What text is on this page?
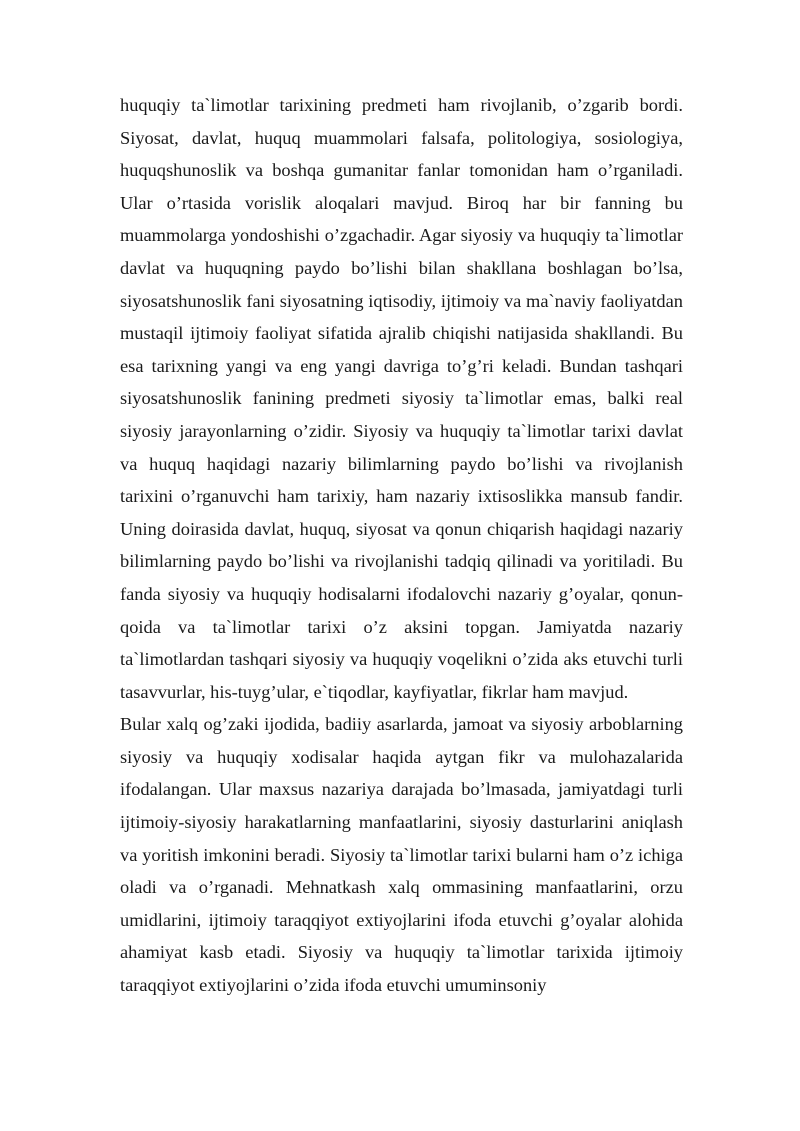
huquqiy ta`limotlar tarixining predmeti ham rivojlanib, o’zgarib bordi. Siyosat, davlat, huquq muammolari falsafa, politologiya, sosiologiya, huquqshunoslik va boshqa gumanitar fanlar tomonidan ham o’rganiladi. Ular o’rtasida vorislik aloqalari mavjud. Biroq har bir fanning bu muammolarga yondoshishi o’zgachadir. Agar siyosiy va huquqiy ta`limotlar davlat va huquqning paydo bo’lishi bilan shakllana boshlagan bo’lsa, siyosatshunoslik fani siyosatning iqtisodiy, ijtimoiy va ma`naviy faoliyatdan mustaqil ijtimoiy faoliyat sifatida ajralib chiqishi natijasida shakllandi. Bu esa tarixning yangi va eng yangi davriga to’g’ri keladi. Bundan tashqari siyosatshunoslik fanining predmeti siyosiy ta`limotlar emas, balki real siyosiy jarayonlarning o’zidir. Siyosiy va huquqiy ta`limotlar tarixi davlat va huquq haqidagi nazariy bilimlarning paydo bo’lishi va rivojlanish tarixini o’rganuvchi ham tarixiy, ham nazariy ixtisoslikka mansub fandir. Uning doirasida davlat, huquq, siyosat va qonun chiqarish haqidagi nazariy bilimlarning paydo bo’lishi va rivojlanishi tadqiq qilinadi va yoritiladi. Bu fanda siyosiy va huquqiy hodisalarni ifodalovchi nazariy g’oyalar, qonun-qoida va ta`limotlar tarixi o’z aksini topgan. Jamiyatda nazariy ta`limotlardan tashqari siyosiy va huquqiy voqelikni o’zida aks etuvchi turli tasavvurlar, his-tuyg’ular, e`tiqodlar, kayfiyatlar, fikrlar ham mavjud.

Bular xalq og’zaki ijodida, badiiy asarlarda, jamoat va siyosiy arboblarning siyosiy va huquqiy xodisalar haqida aytgan fikr va mulohazalarida ifodalangan. Ular maxsus nazariya darajada bo’lmasada, jamiyatdagi turli ijtimoiy-siyosiy harakatlarning manfaatlarini, siyosiy dasturlarini aniqlash va yoritish imkonini beradi. Siyosiy ta`limotlar tarixi bularni ham o’z ichiga oladi va o’rganadi. Mehnatkash xalq ommasining manfaatlarini, orzu umidlarini, ijtimoiy taraqqiyot extiyojlarini ifoda etuvchi g’oyalar alohida ahamiyat kasb etadi. Siyosiy va huquqiy ta`limotlar tarixida ijtimoiy taraqqiyot extiyojlarini o’zida ifoda etuvchi umuminsoniy
